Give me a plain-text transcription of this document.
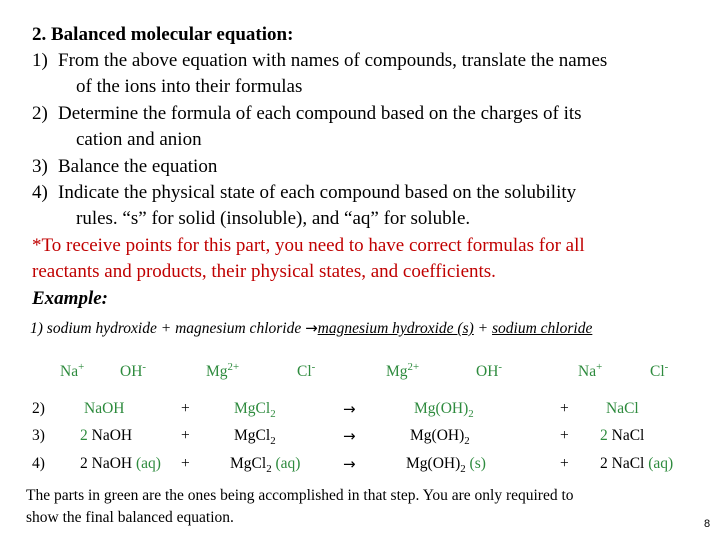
2. Balanced molecular equation:
1) From the above equation with names of compounds, translate the names
of the ions into their formulas
2) Determine the formula of each compound based on the charges of its
cation and anion
3) Balance the equation
4) Indicate the physical state of each compound based on the solubility
rules. “s” for solid (insoluble), and “aq” for soluble.
*To receive points for this part, you need to have correct formulas for all
reactants and products, their physical states, and coefficients.
Example:
1) sodium hydroxide + magnesium chloride →magnesium hydroxide (s) + sodium chloride
Na+ OH-	$Mg^{2+}$	Cl-	$Mg^{2+}$	OH-	Na+	Cl-
2)	NaOH	+	MgCl$_2$	→	$Mg(OH)_2$	+ NaCl
3) 2 NaOH	+	MgCl$_2$	→	$Mg(OH)_2$	+ 2 NaCl
4) 2 NaOH (aq) +	MgCl$_2$ (aq)	→	$Mg(OH)_2$ (s)	+ 2 NaCl (aq)
The parts in green are the ones being accomplished in that step. You are only required to
show the final balanced equation.	8
